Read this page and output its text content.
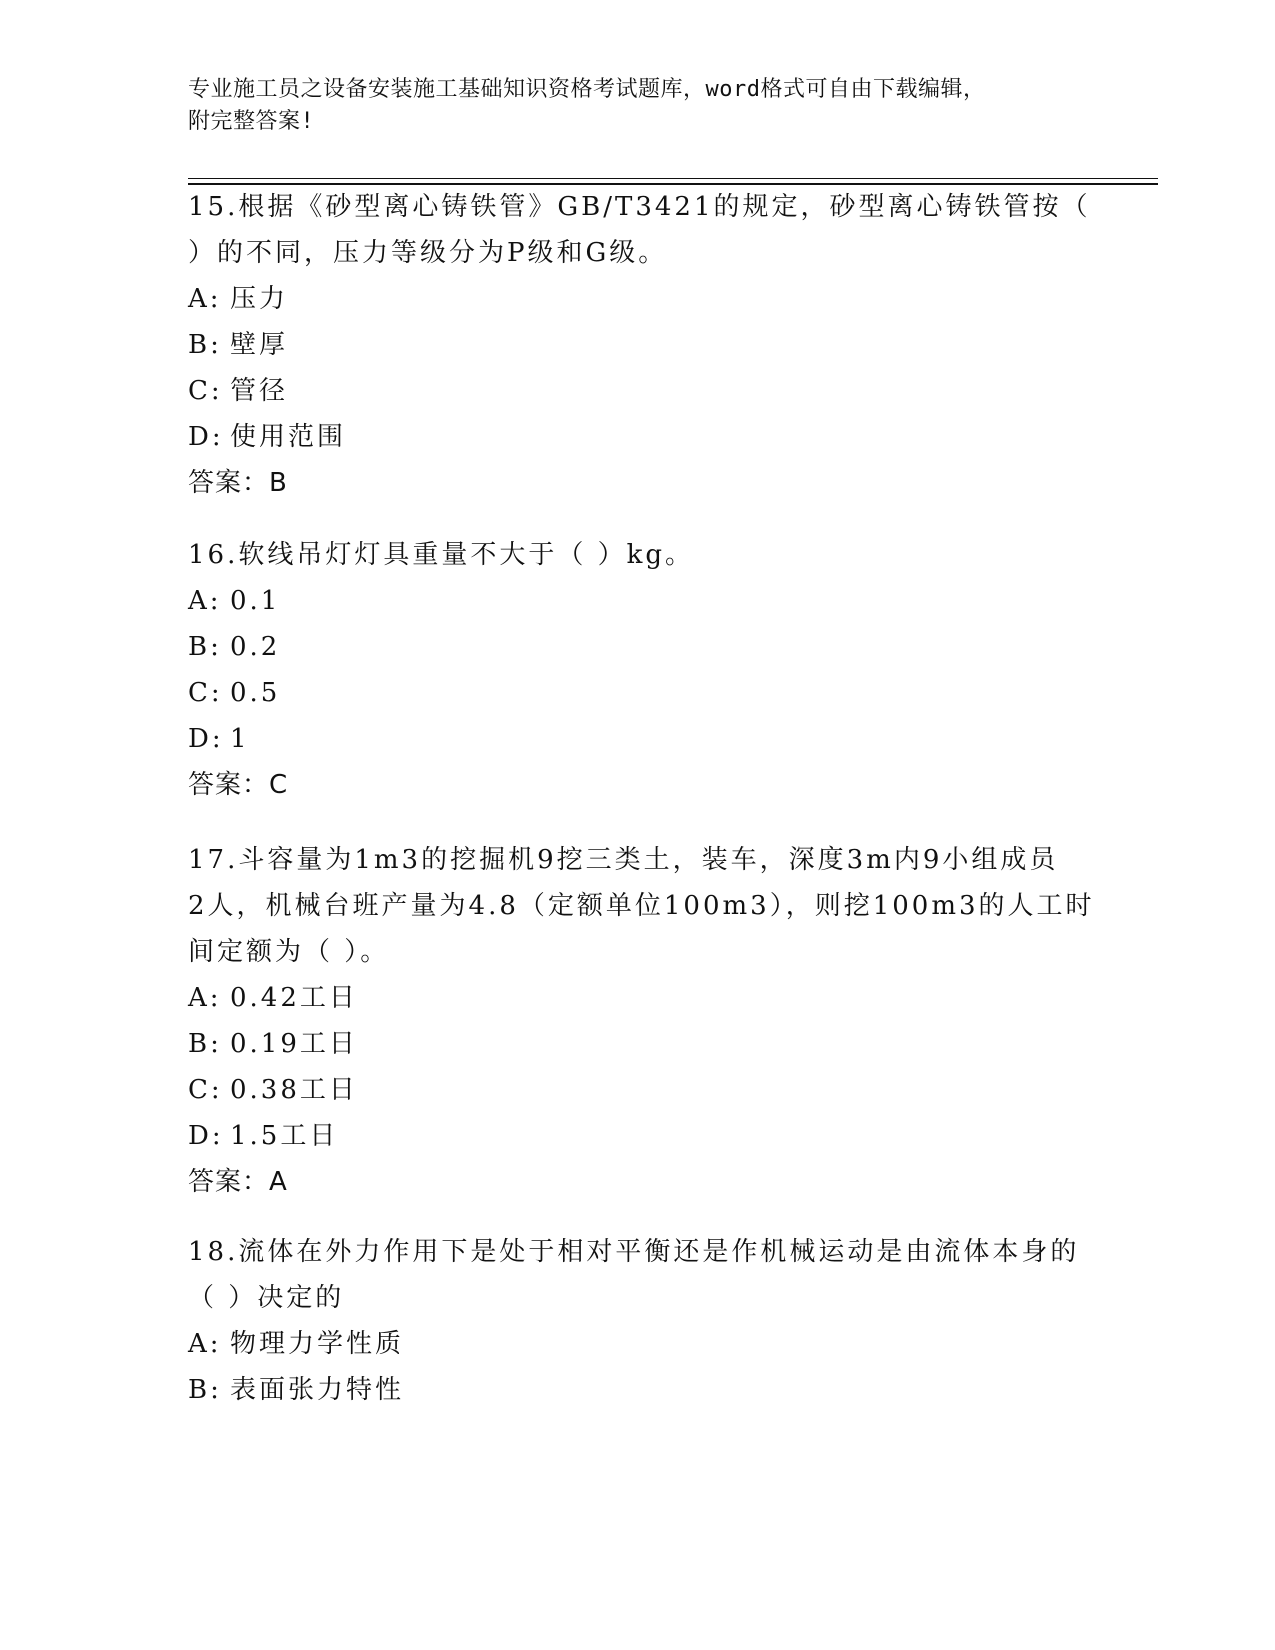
专业施工员之设备安装施工基础知识资格考试题库，word格式可自由下载编辑，
附完整答案!
15.根据《砂型离心铸铁管》GB/T3421的规定，砂型离心铸铁管按（
）的不同，压力等级分为P级和G级。
A: 压力
B: 壁厚
C: 管径
D: 使用范围
答案：B
16.软线吊灯灯具重量不大于（ ）kg。
A: 0.1
B: 0.2
C: 0.5
D: 1
答案：C
17.斗容量为1m3的挖掘机9挖三类土，装车，深度3m内9小组成员
2人，机械台班产量为4.8（定额单位100m3），则挖100m3的人工时
间定额为（ ）。
A: 0.42工日
B: 0.19工日
C: 0.38工日
D: 1.5工日
答案：A
18.流体在外力作用下是处于相对平衡还是作机械运动是由流体本身的
（ ）决定的
A: 物理力学性质
B: 表面张力特性
